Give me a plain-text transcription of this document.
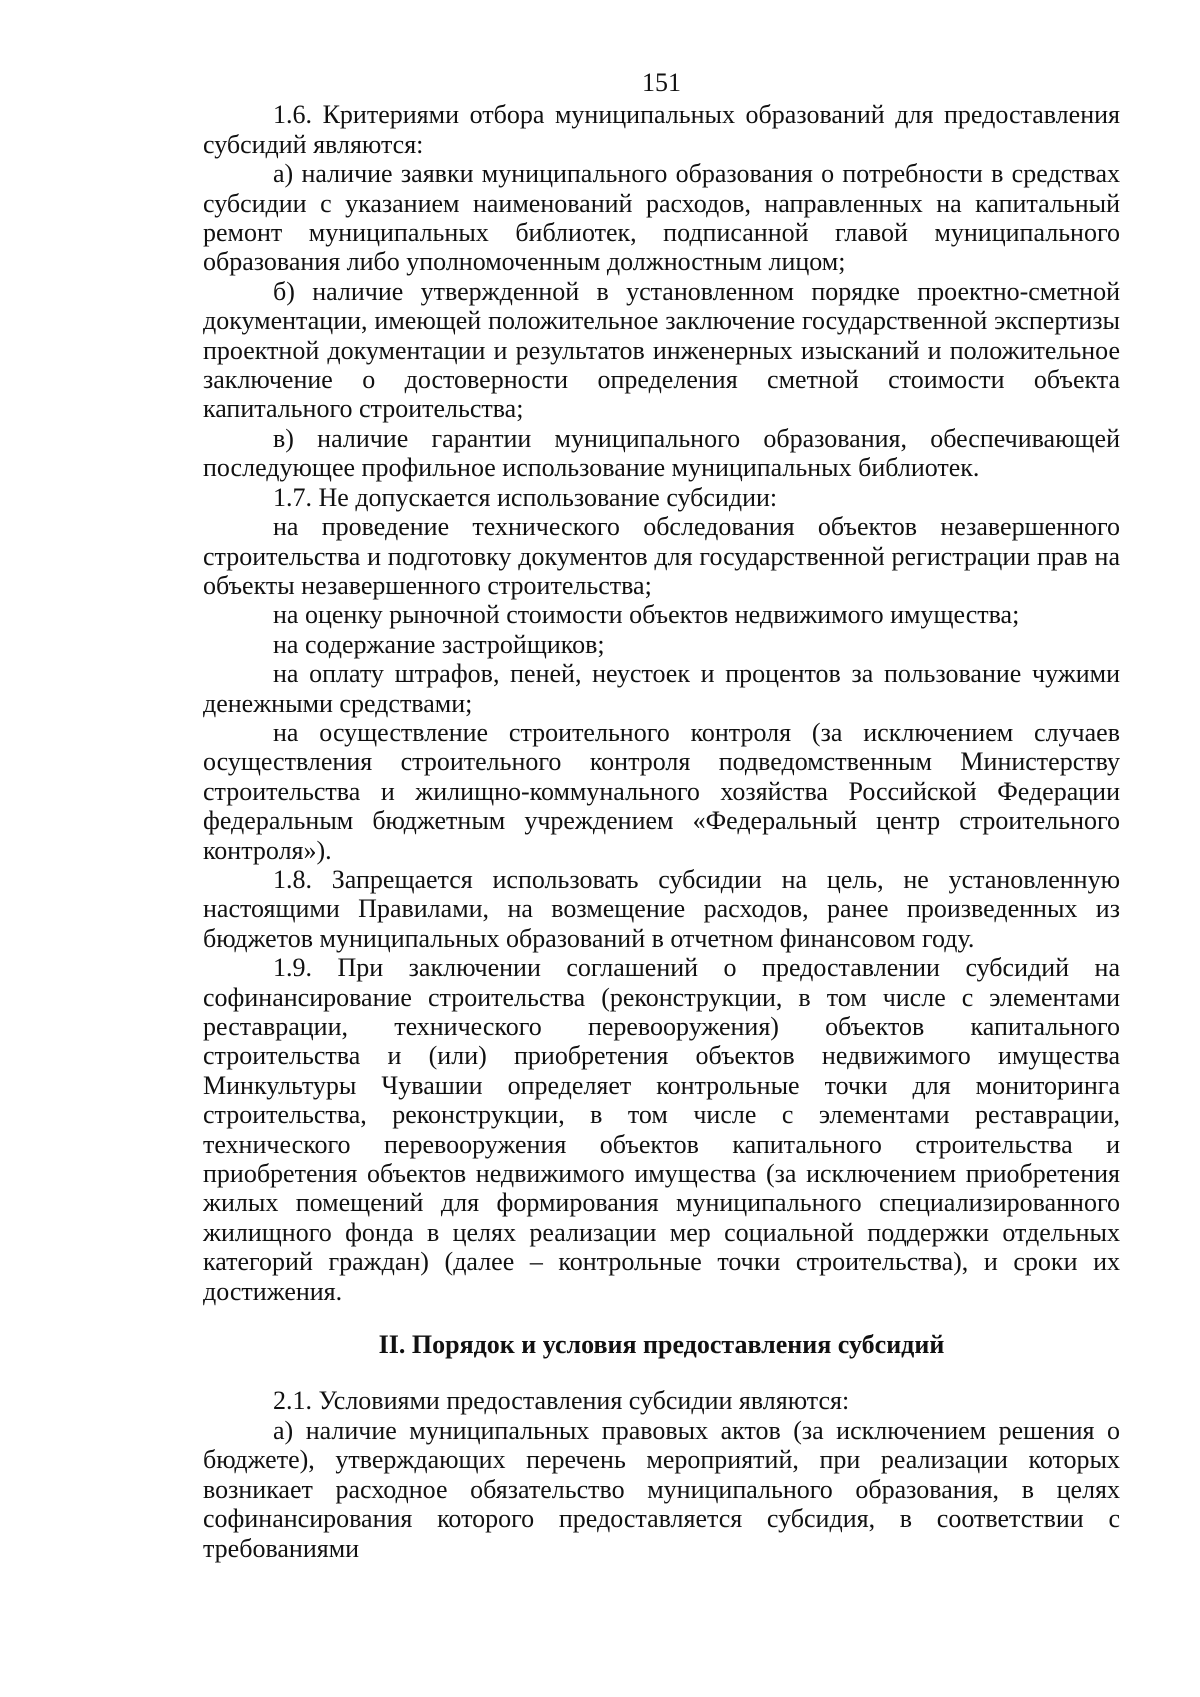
151

1.6. Критериями отбора муниципальных образований для предоставления субсидий являются:

а) наличие заявки муниципального образования о потребности в средствах субсидии с указанием наименований расходов, направленных на капитальный ремонт муниципальных библиотек, подписанной главой муниципального образования либо уполномоченным должностным лицом;

б) наличие утвержденной в установленном порядке проектно-сметной документации, имеющей положительное заключение государственной экспертизы проектной документации и результатов инженерных изысканий и положительное заключение о достоверности определения сметной стоимости объекта капитального строительства;

в) наличие гарантии муниципального образования, обеспечивающей последующее профильное использование муниципальных библиотек.

1.7. Не допускается использование субсидии:

на проведение технического обследования объектов незавершенного строительства и подготовку документов для государственной регистрации прав на объекты незавершенного строительства;

на оценку рыночной стоимости объектов недвижимого имущества;

на содержание застройщиков;

на оплату штрафов, пеней, неустоек и процентов за пользование чужими денежными средствами;

на осуществление строительного контроля (за исключением случаев осуществления строительного контроля подведомственным Министерству строительства и жилищно-коммунального хозяйства Российской Федерации федеральным бюджетным учреждением «Федеральный центр строительного контроля»).

1.8. Запрещается использовать субсидии на цель, не установленную настоящими Правилами, на возмещение расходов, ранее произведенных из бюджетов муниципальных образований в отчетном финансовом году.

1.9. При заключении соглашений о предоставлении субсидий на софинансирование строительства (реконструкции, в том числе с элементами реставрации, технического перевооружения) объектов капитального строительства и (или) приобретения объектов недвижимого имущества Минкультуры Чувашии определяет контрольные точки для мониторинга строительства, реконструкции, в том числе с элементами реставрации, технического перевооружения объектов капитального строительства и приобретения объектов недвижимого имущества (за исключением приобретения жилых помещений для формирования муниципального специализированного жилищного фонда в целях реализации мер социальной поддержки отдельных категорий граждан) (далее – контрольные точки строительства), и сроки их достижения.

II. Порядок и условия предоставления субсидий

2.1. Условиями предоставления субсидии являются:

а) наличие муниципальных правовых актов (за исключением решения о бюджете), утверждающих перечень мероприятий, при реализации которых возникает расходное обязательство муниципального образования, в целях софинансирования которого предоставляется субсидия, в соответствии с требованиями
